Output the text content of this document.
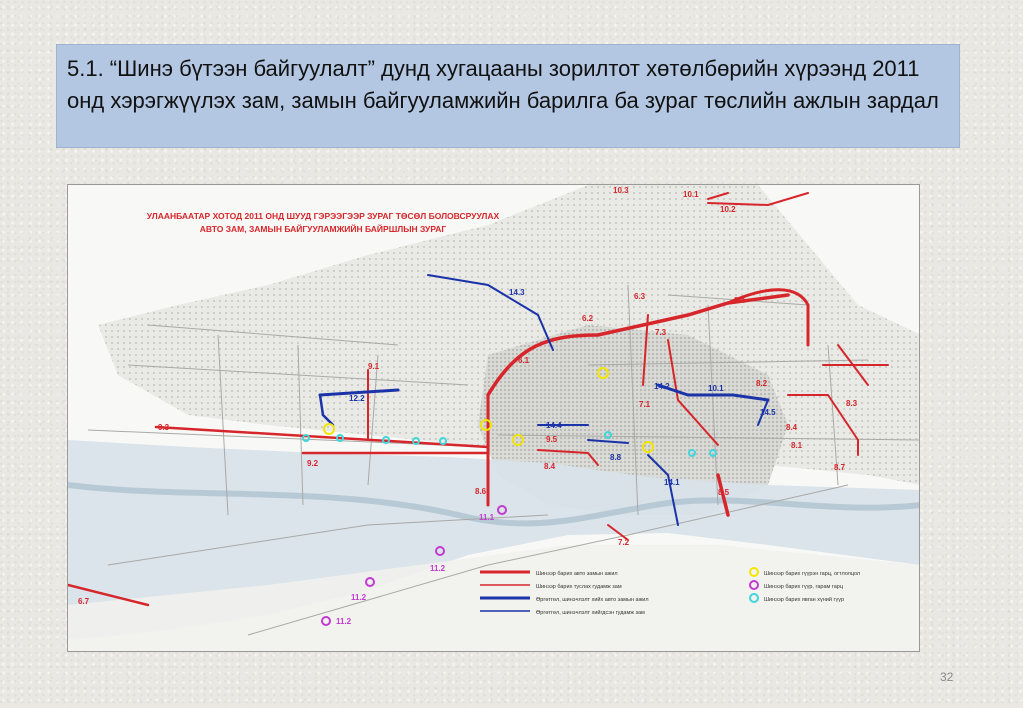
5.1. “Шинэ бүтээн байгуулалт” дунд хугацааны зорилтот хөтөлбөрийн хүрээнд 2011 онд хэрэгжүүлэх зам, замын байгууламжийн барилга ба зураг төслийн ажлын зардал

УЛААНБААТАР ХОТОД 2011 ОНД ШУУД ГЭРЭЭГЭЭР ЗУРАГ ТӨСӨЛ БОЛОВСРУУЛАХ
АВТО ЗАМ, ЗАМЫН БАЙГУУЛАМЖИЙН БАЙРШЛЫН ЗУРАГ
10.3	10.1
10.2
14.3	6.3	8.4
6.2
7.3
6.1
9.1
14.2	10.1
8.2
12.2
7.1
14.5
8.3
9.3	14.4	8.4
9.5
8.1
9.2	8.4
8.8
8.7
14.1
8.6	8.5
11.1
7.2
11.2
6.7	11.2
11.2
Шинээр барих авто замын ажил
Шинээр барих туслах гудамж зам
Өргөтгөл, шинэчлэлт хийх авто замын ажил
Өргөтгөл, шинэчлэлт хийгдсэн гудамж зам
Шинээр барих гүүрэн гарц, огтлолцол
Шинээр барих гүүр, гарам гарц
Шинээр барих явган хүний гүүр
32
